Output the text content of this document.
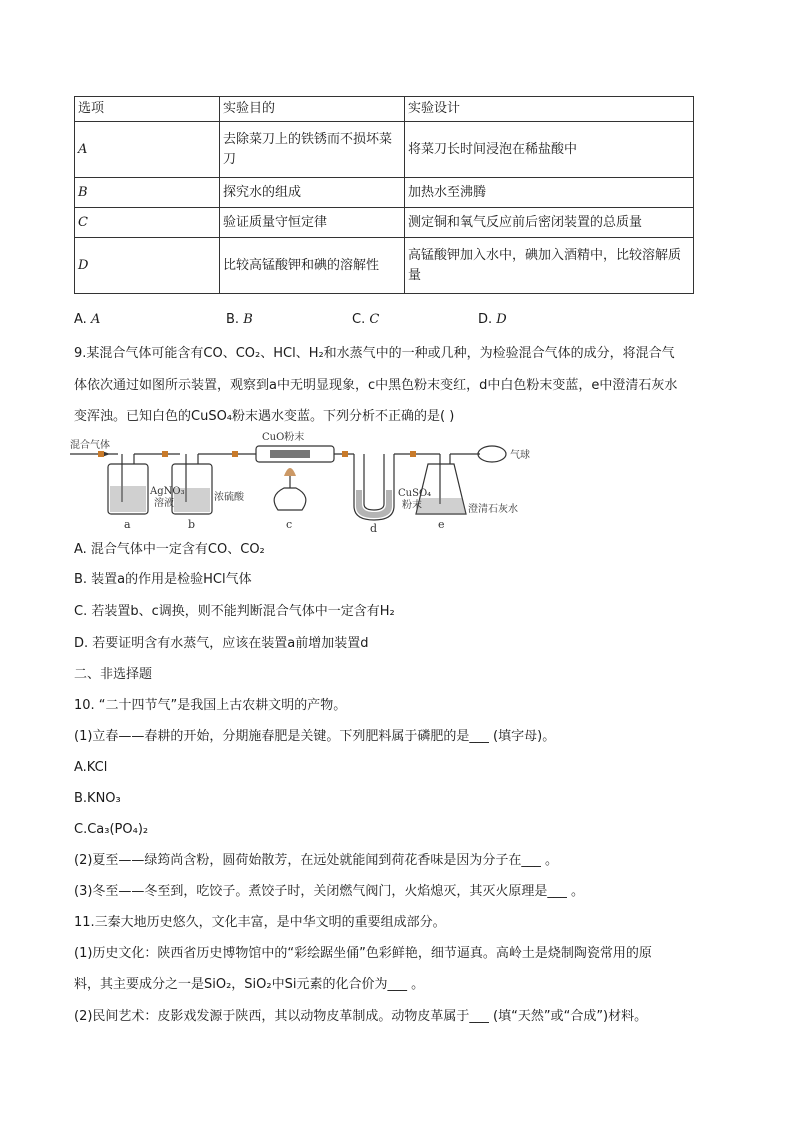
选项	实验目的	实验设计
A	去除菜刀上的铁锈而不损坏菜刀	将菜刀长时间浸泡在稀盐酸中
B	探究水的组成	加热水至沸腾
C	验证质量守恒定律	测定铜和氧气反应前后密闭装置的总质量
D	比较高锰酸钾和碘的溶解性	高锰酸钾加入水中，碘加入酒精中，比较溶解质量
A. A	B. B	C. C	D. D
9.某混合气体可能含有CO、CO₂、HCl、H₂和水蒸气中的一种或几种，为检验混合气体的成分，将混合气
体依次通过如图所示装置，观察到a中无明显现象，c中黑色粉末变红，d中白色粉末变蓝，e中澄清石灰水
变浑浊。已知白色的CuSO₄粉末遇水变蓝。下列分析不正确的是( )
混合气体
CuO粉末
气球
AgNO₃
溶液
浓硫酸	CuSO₄
粉末	澄清石灰水
a	b	c	d	e
A. 混合气体中一定含有CO、CO₂
B. 装置a的作用是检验HCl气体
C. 若装置b、c调换，则不能判断混合气体中一定含有H₂
D. 若要证明含有水蒸气，应该在装置a前增加装置d
二、非选择题
10. “二十四节气”是我国上古农耕文明的产物。
(1)立春——春耕的开始，分期施春肥是关键。下列肥料属于磷肥的是___ (填字母)。
A.KCl
B.KNO₃
C.Ca₃(PO₄)₂
(2)夏至——绿筠尚含粉，圆荷始散芳，在远处就能闻到荷花香味是因为分子在___ 。
(3)冬至——冬至到，吃饺子。煮饺子时，关闭燃气阀门，火焰熄灭，其灭火原理是___ 。
11.三秦大地历史悠久，文化丰富，是中华文明的重要组成部分。
(1)历史文化：陕西省历史博物馆中的“彩绘踞坐俑”色彩鲜艳，细节逼真。高岭土是烧制陶瓷常用的原
料，其主要成分之一是SiO₂，SiO₂中Si元素的化合价为___ 。
(2)民间艺术：皮影戏发源于陕西，其以动物皮革制成。动物皮革属于___ (填“天然”或“合成”)材料。
